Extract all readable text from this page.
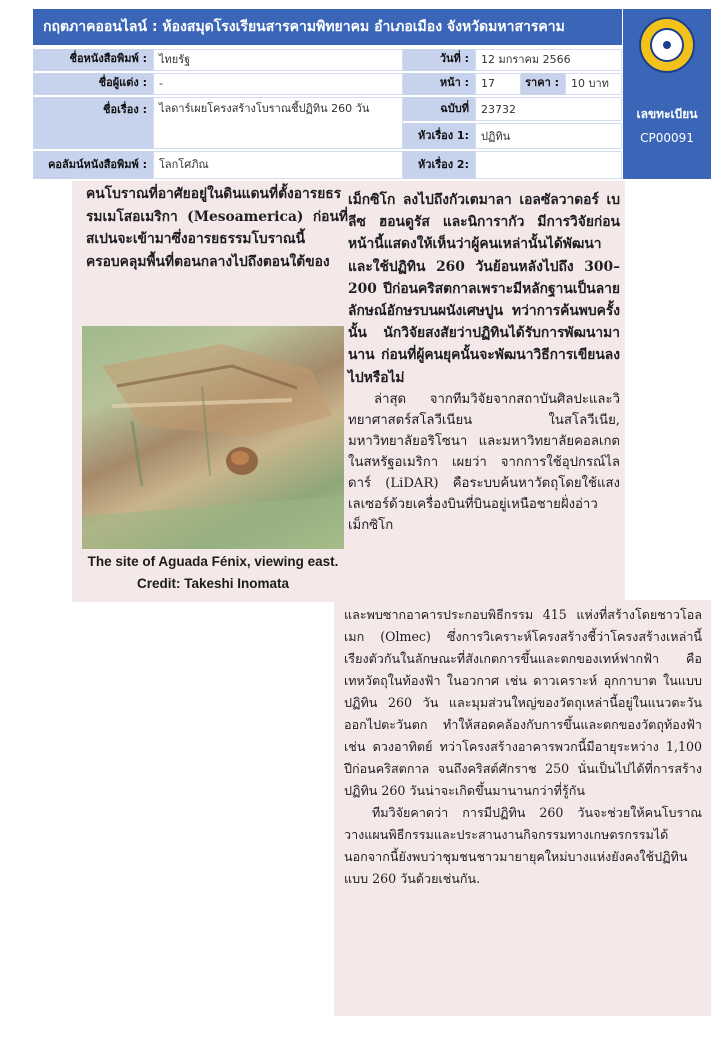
กฤตภาคออนไลน์ : ห้องสมุดโรงเรียนสารคามพิทยาคม อำเภอเมือง จังหวัดมหาสารคาม
ชื่อหนังสือพิมพ์ :	ไทยรัฐ	วันที่ :	12 มกราคม 2566
ชื่อผู้แต่ง :	-	หน้า :	17	ราคา :	10 บาท
ชื่อเรื่อง :	ไลดาร์เผยโครงสร้างโบราณชี้ปฏิทิน 260 วัน	ฉบับที่	23732
หัวเรื่อง 1:	ปฏิทิน
คอลัมน์หนังสือพิมพ์ :	โลกโศภิณ	หัวเรื่อง 2:
เลขทะเบียน
CP00091

คนโบราณที่อาศัยอยู่ในดินแดนที่ตั้งอารยธรรมเมโสอเมริกา (Mesoamerica) ก่อนที่สเปนจะเข้ามาซึ่งอารยธรรมโบราณนี้ครอบคลุมพื้นที่ตอนกลางไปถึงตอนใต้ของ

The site of Aguada Fénix, viewing east. Credit: Takeshi Inomata

เม็กซิโก ลงไปถึงกัวเตมาลา เอลซัลวาดอร์ เบลีซ ฮอนดูรัส และนิการากัว มีการวิจัยก่อนหน้านี้แสดงให้เห็นว่าผู้คนเหล่านั้นได้พัฒนาและใช้ปฏิทิน 260 วันย้อนหลังไปถึง 300–200 ปีก่อนคริสตกาลเพราะมีหลักฐานเป็นลายลักษณ์อักษรบนผนังเศษปูน ทว่าการค้นพบครั้งนั้น นักวิจัยสงสัยว่าปฏิทินได้รับการพัฒนามานาน ก่อนที่ผู้คนยุคนั้นจะพัฒนาวิธีการเขียนลงไปหรือไม่

ล่าสุด จากทีมวิจัยจากสถาบันศิลปะและวิทยาศาสตร์สโลวีเนียน ในสโลวีเนีย, มหาวิทยาลัยอริโซนา และมหาวิทยาลัยคอลเกต ในสหรัฐอเมริกา เผยว่า จากการใช้อุปกรณ์ไลดาร์ (LiDAR) คือระบบค้นหาวัตถุโดยใช้แสงเลเซอร์ด้วยเครื่องบินที่บินอยู่เหนือชายฝั่งอ่าวเม็กซิโก

และพบซากอาคารประกอบพิธีกรรม 415 แห่งที่สร้างโดยชาวโอลเมก (Olmec) ซึ่งการวิเคราะห์โครงสร้างชี้ว่าโครงสร้างเหล่านี้เรียงตัวกันในลักษณะที่สังเกตการขึ้นและตกของเทห์ฟากฟ้า คือเทหวัตถุในท้องฟ้า ในอวกาศ เช่น ดาวเคราะห์ อุกกาบาต ในแบบปฏิทิน 260 วัน และมุมส่วนใหญ่ของวัตถุเหล่านี้อยู่ในแนวตะวันออกไปตะวันตก ทำให้สอดคล้องกับการขึ้นและตกของวัตถุท้องฟ้า เช่น ดวงอาทิตย์ ทว่าโครงสร้างอาคารพวกนี้มีอายุระหว่าง 1,100 ปีก่อนคริสตกาล จนถึงคริสต์ศักราช 250 นั่นเป็นไปได้ที่การสร้างปฏิทิน 260 วันน่าจะเกิดขึ้นมานานกว่าที่รู้กัน

ทีมวิจัยคาดว่า การมีปฏิทิน 260 วันจะช่วยให้คนโบราณวางแผนพิธีกรรมและประสานงานกิจกรรมทางเกษตรกรรมได้ นอกจากนี้ยังพบว่าชุมชนชาวมายายุคใหม่บางแห่งยังคงใช้ปฏิทินแบบ 260 วันด้วยเช่นกัน.
